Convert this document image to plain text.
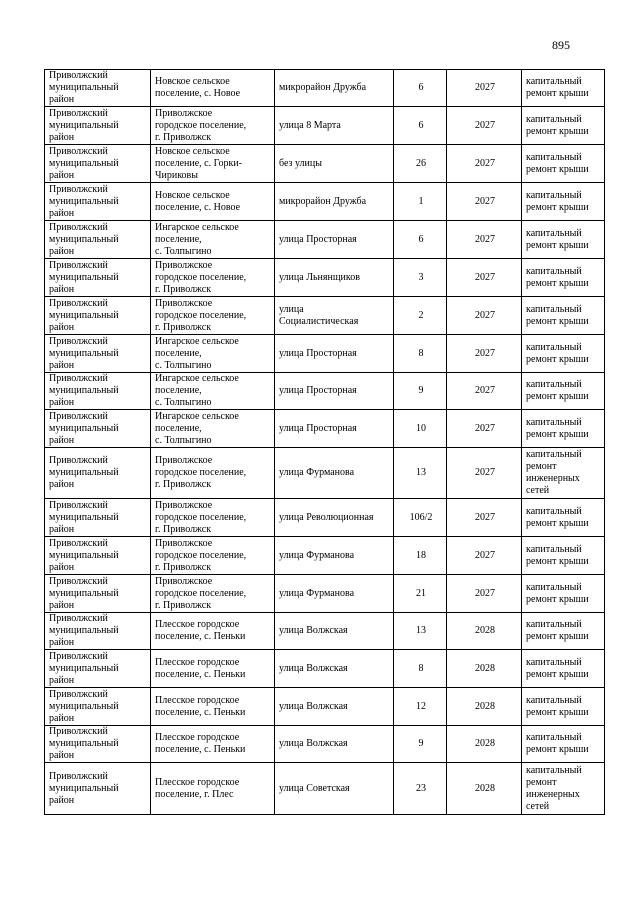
895
Приволжский
муниципальный
район	Новское сельское
поселение, с. Новое	микрорайон Дружба	6	2027	капитальный
ремонт крыши
Приволжский
муниципальный
район	Приволжское
городское поселение,
г. Приволжск	улица 8 Марта	6	2027	капитальный
ремонт крыши
Приволжский
муниципальный
район	Новское сельское
поселение, с. Горки-
Чириковы	без улицы	26	2027	капитальный
ремонт крыши
Приволжский
муниципальный
район	Новское сельское
поселение, с. Новое	микрорайон Дружба	1	2027	капитальный
ремонт крыши
Приволжский
муниципальный
район	Ингарское сельское
поселение,
с. Толпыгино	улица Просторная	6	2027	капитальный
ремонт крыши
Приволжский
муниципальный
район	Приволжское
городское поселение,
г. Приволжск	улица Льнянщиков	3	2027	капитальный
ремонт крыши
Приволжский
муниципальный
район	Приволжское
городское поселение,
г. Приволжск	улица
Социалистическая	2	2027	капитальный
ремонт крыши
Приволжский
муниципальный
район	Ингарское сельское
поселение,
с. Толпыгино	улица Просторная	8	2027	капитальный
ремонт крыши
Приволжский
муниципальный
район	Ингарское сельское
поселение,
с. Толпыгино	улица Просторная	9	2027	капитальный
ремонт крыши
Приволжский
муниципальный
район	Ингарское сельское
поселение,
с. Толпыгино	улица Просторная	10	2027	капитальный
ремонт крыши
Приволжский
муниципальный
район	Приволжское
городское поселение,
г. Приволжск	улица Фурманова	13	2027	капитальный
ремонт
инженерных
сетей
Приволжский
муниципальный
район	Приволжское
городское поселение,
г. Приволжск	улица Революционная	106/2	2027	капитальный
ремонт крыши
Приволжский
муниципальный
район	Приволжское
городское поселение,
г. Приволжск	улица Фурманова	18	2027	капитальный
ремонт крыши
Приволжский
муниципальный
район	Приволжское
городское поселение,
г. Приволжск	улица Фурманова	21	2027	капитальный
ремонт крыши
Приволжский
муниципальный
район	Плесское городское
поселение, с. Пеньки	улица Волжская	13	2028	капитальный
ремонт крыши
Приволжский
муниципальный
район	Плесское городское
поселение, с. Пеньки	улица Волжская	8	2028	капитальный
ремонт крыши
Приволжский
муниципальный
район	Плесское городское
поселение, с. Пеньки	улица Волжская	12	2028	капитальный
ремонт крыши
Приволжский
муниципальный
район	Плесское городское
поселение, с. Пеньки	улица Волжская	9	2028	капитальный
ремонт крыши
Приволжский
муниципальный
район	Плесское городское
поселение, г. Плес	улица Советская	23	2028	капитальный
ремонт
инженерных
сетей
